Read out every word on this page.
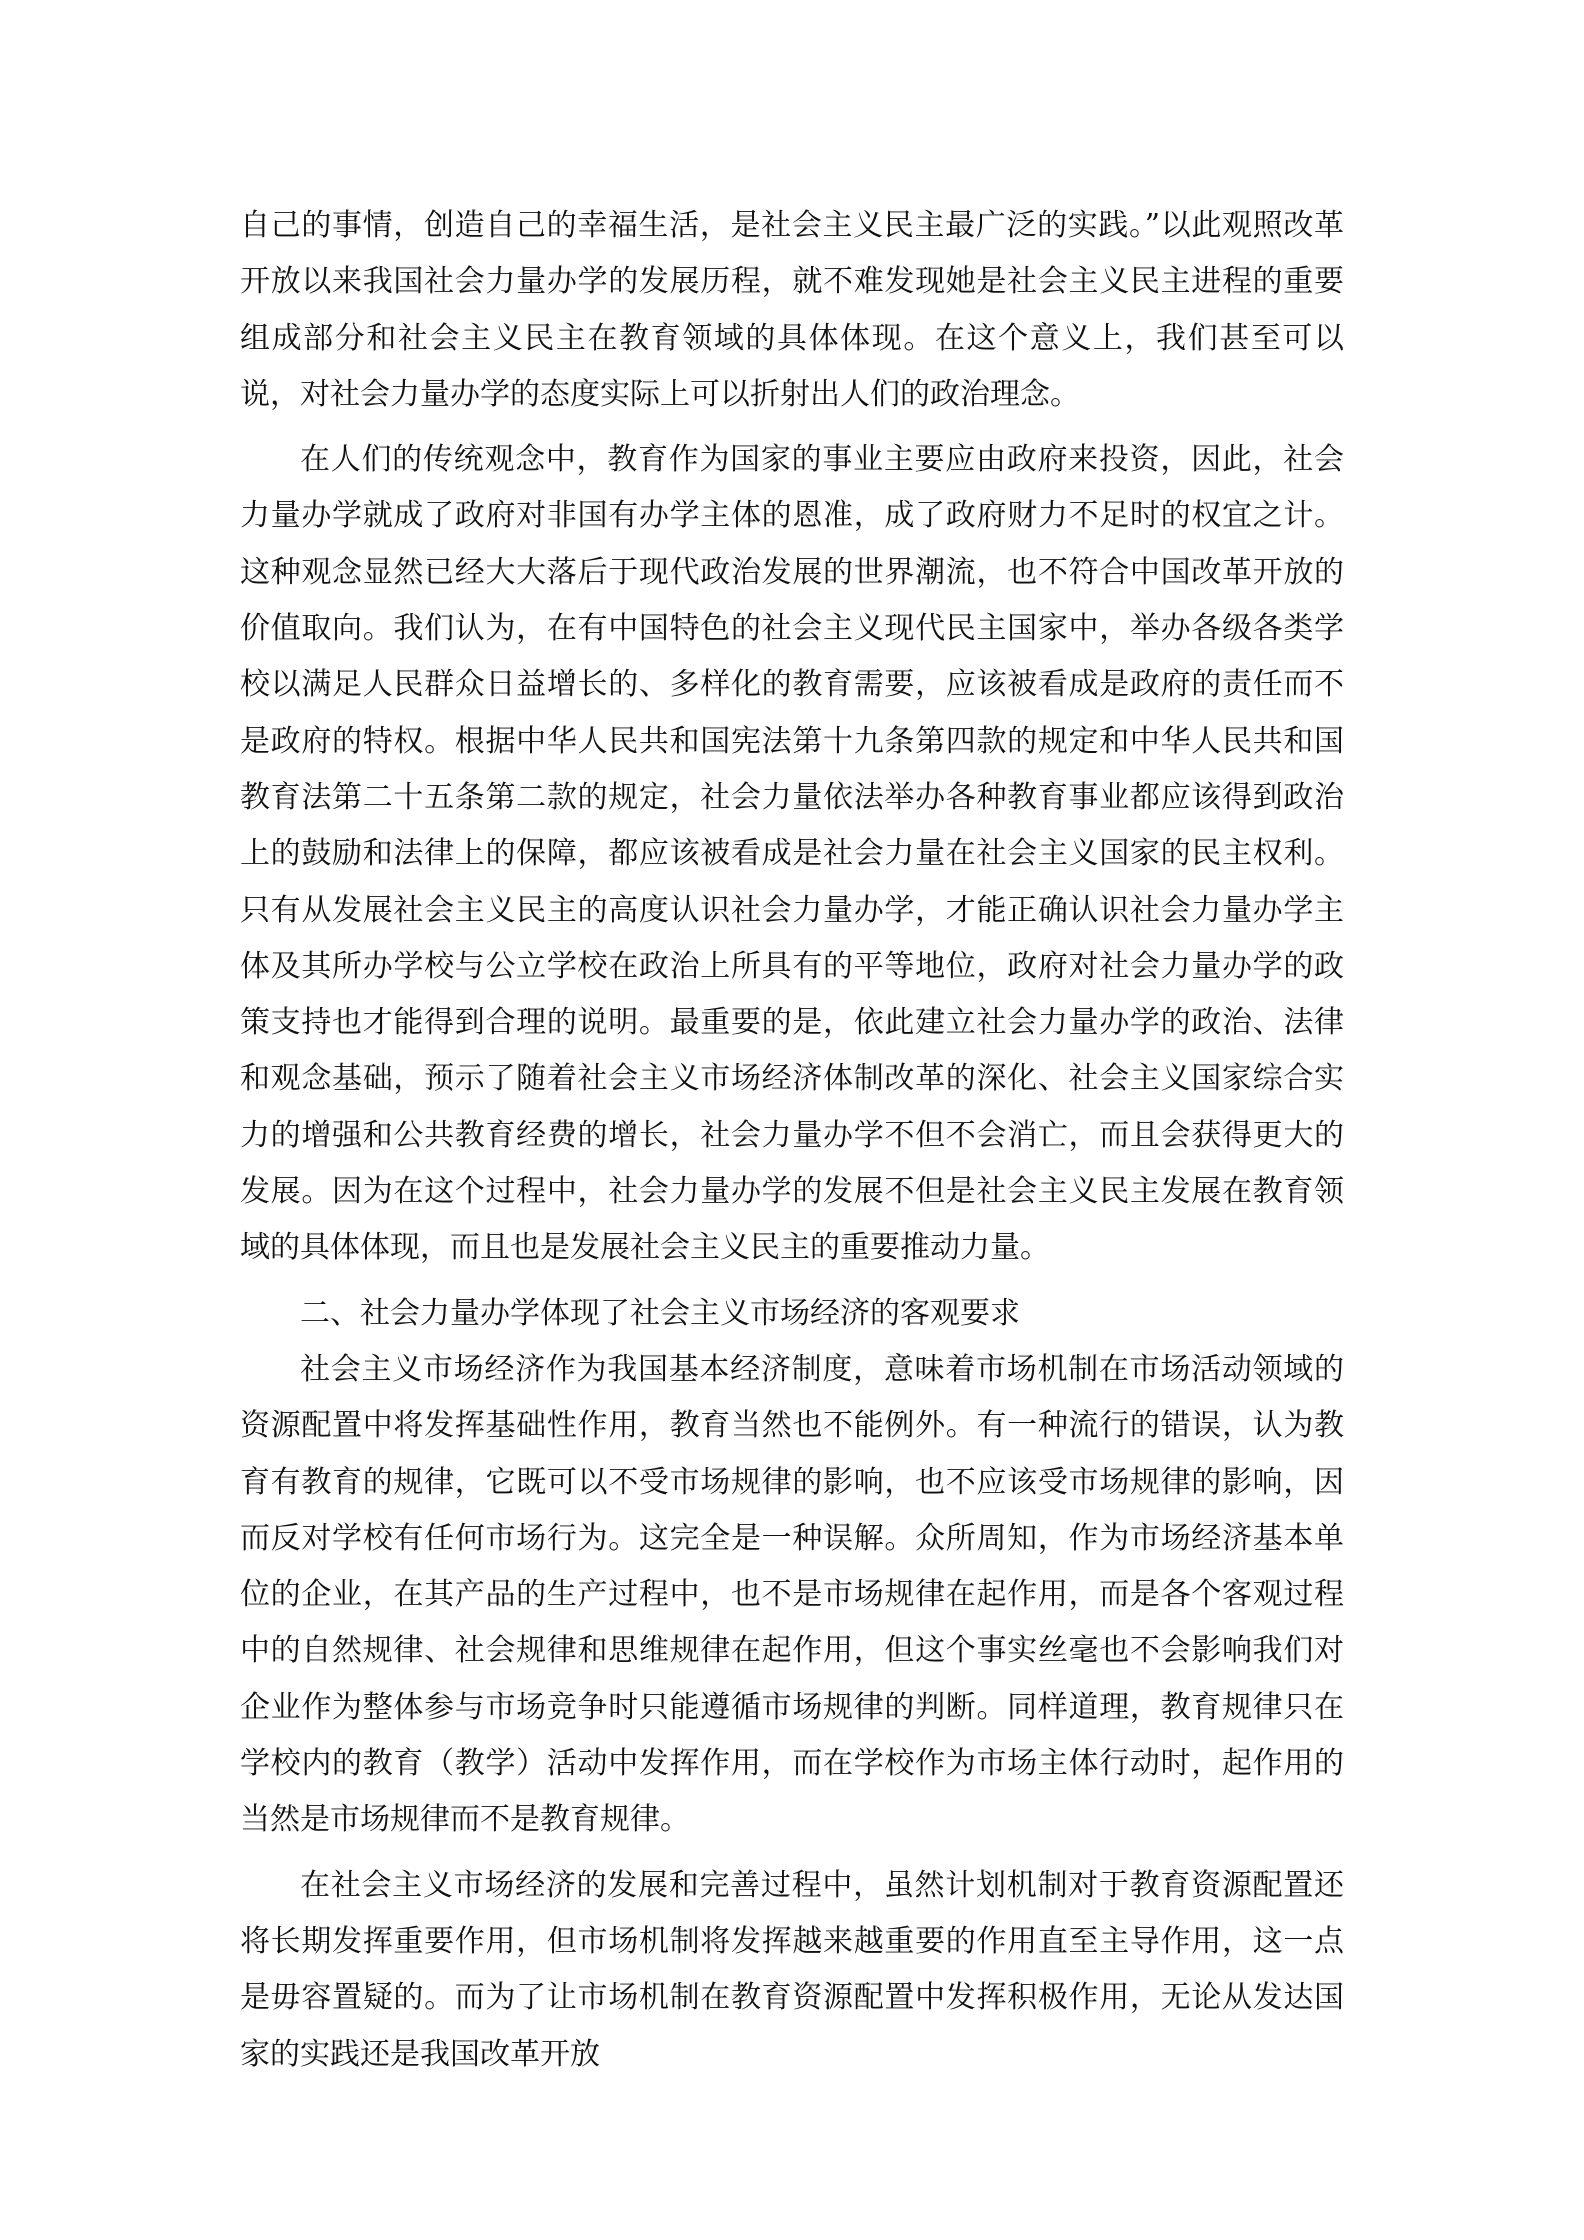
自己的事情，创造自己的幸福生活，是社会主义民主最广泛的实践。”以此观照改革开放以来我国社会力量办学的发展历程，就不难发现她是社会主义民主进程的重要组成部分和社会主义民主在教育领域的具体体现。在这个意义上，我们甚至可以说，对社会力量办学的态度实际上可以折射出人们的政治理念。

在人们的传统观念中，教育作为国家的事业主要应由政府来投资，因此，社会力量办学就成了政府对非国有办学主体的恩准，成了政府财力不足时的权宜之计。这种观念显然已经大大落后于现代政治发展的世界潮流，也不符合中国改革开放的价值取向。我们认为，在有中国特色的社会主义现代民主国家中，举办各级各类学校以满足人民群众日益增长的、多样化的教育需要，应该被看成是政府的责任而不是政府的特权。根据中华人民共和国宪法第十九条第四款的规定和中华人民共和国教育法第二十五条第二款的规定，社会力量依法举办各种教育事业都应该得到政治上的鼓励和法律上的保障，都应该被看成是社会力量在社会主义国家的民主权利。只有从发展社会主义民主的高度认识社会力量办学，才能正确认识社会力量办学主体及其所办学校与公立学校在政治上所具有的平等地位，政府对社会力量办学的政策支持也才能得到合理的说明。最重要的是，依此建立社会力量办学的政治、法律和观念基础，预示了随着社会主义市场经济体制改革的深化、社会主义国家综合实力的增强和公共教育经费的增长，社会力量办学不但不会消亡，而且会获得更大的发展。因为在这个过程中，社会力量办学的发展不但是社会主义民主发展在教育领域的具体体现，而且也是发展社会主义民主的重要推动力量。

二、社会力量办学体现了社会主义市场经济的客观要求

社会主义市场经济作为我国基本经济制度，意味着市场机制在市场活动领域的资源配置中将发挥基础性作用，教育当然也不能例外。有一种流行的错误，认为教育有教育的规律，它既可以不受市场规律的影响，也不应该受市场规律的影响，因而反对学校有任何市场行为。这完全是一种误解。众所周知，作为市场经济基本单位的企业，在其产品的生产过程中，也不是市场规律在起作用，而是各个客观过程中的自然规律、社会规律和思维规律在起作用，但这个事实丝毫也不会影响我们对企业作为整体参与市场竞争时只能遵循市场规律的判断。同样道理，教育规律只在学校内的教育（教学）活动中发挥作用，而在学校作为市场主体行动时，起作用的当然是市场规律而不是教育规律。

在社会主义市场经济的发展和完善过程中，虽然计划机制对于教育资源配置还将长期发挥重要作用，但市场机制将发挥越来越重要的作用直至主导作用，这一点是毋容置疑的。而为了让市场机制在教育资源配置中发挥积极作用，无论从发达国家的实践还是我国改革开放
